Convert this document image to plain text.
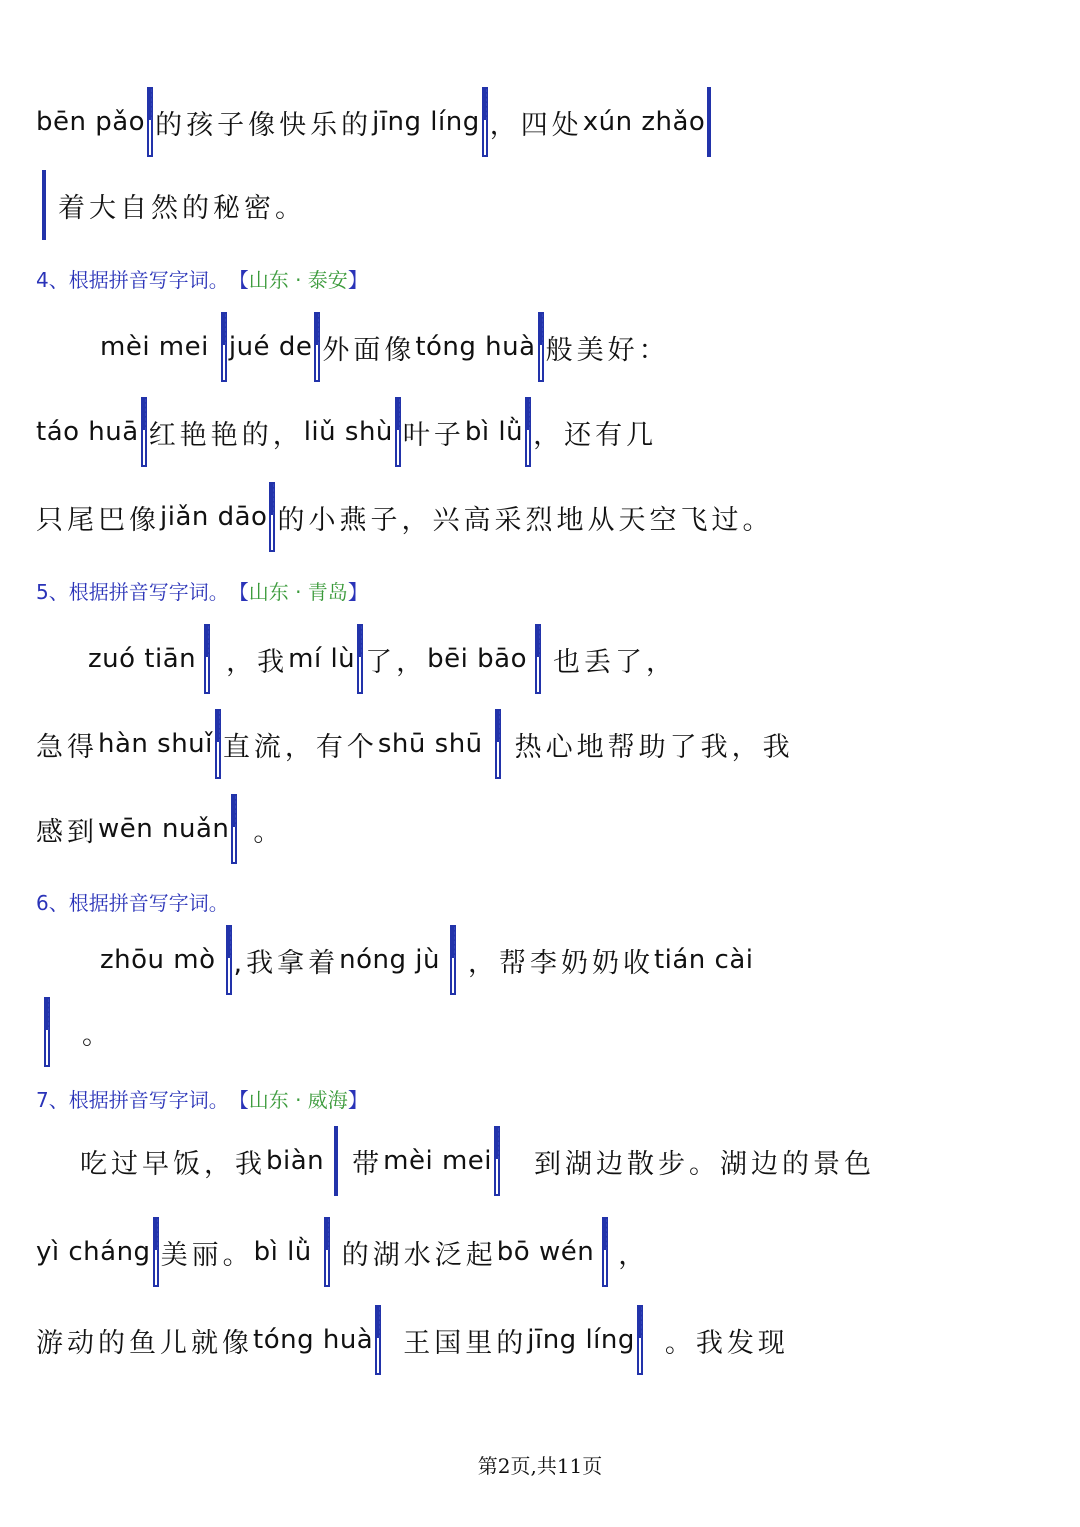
bēn pǎo 的孩子像快乐的 jīng líng ，四处 xún zhǎo
着大自然的秘密。
4、根据拼音写字词。 【 山东 · 泰安 】
mèi mei jué de 外面像 tóng huà 般美好：
táo huā 红艳艳的， liǔ shù 叶子 bì lǜ ，还有几
只尾巴像 jiǎn dāo 的小燕子，兴高采烈地从天空飞过。
5、根据拼音写字词。 【 山东 · 青岛 】
zuó tiān ，我 mí lù 了， bēi bāo 也丢了，
急得 hàn shuǐ 直流，有个 shū shū 热心地帮助了我，我
感到 wēn nuǎn 。
6、根据拼音写字词。
zhōu mò ,我拿着 nóng jù ，帮李奶奶收 tián cài
。
7、根据拼音写字词。 【 山东 · 威海 】
吃过早饭，我 biàn 带 mèi mei 到湖边散步。湖边的景色
yì cháng 美丽。 bì lǜ 的湖水泛起 bō wén ，
游动的鱼儿就像 tóng huà 王国里的 jīng líng 。我发现
第2页,共11页
